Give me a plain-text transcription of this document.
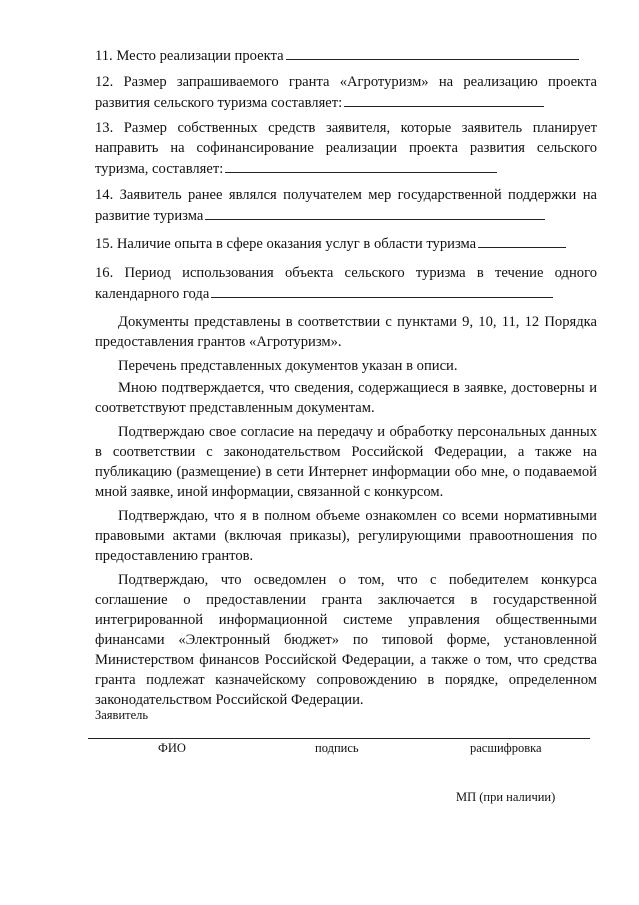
11. Место реализации проекта

12. Размер запрашиваемого гранта «Агротуризм» на реализацию проекта развития сельского туризма составляет:

13. Размер собственных средств заявителя, которые заявитель планирует направить на софинансирование реализации проекта развития сельского туризма, составляет:

14. Заявитель ранее являлся получателем мер государственной поддержки на развитие туризма

15. Наличие опыта в сфере оказания услуг в области туризма

16. Период использования объекта сельского туризма в течение одного календарного года

Документы представлены в соответствии с пунктами 9, 10, 11, 12 Порядка предоставления грантов «Агротуризм».

Перечень представленных документов указан в описи.

Мною подтверждается, что сведения, содержащиеся в заявке, достоверны и соответствуют представленным документам.

Подтверждаю свое согласие на передачу и обработку персональных данных в соответствии с законодательством Российской Федерации, а также на публикацию (размещение) в сети Интернет информации обо мне, о подаваемой мной заявке, иной информации, связанной с конкурсом.

Подтверждаю, что я в полном объеме ознакомлен со всеми нормативными правовыми актами (включая приказы), регулирующими правоотношения по предоставлению грантов.

Подтверждаю, что осведомлен о том, что с победителем конкурса соглашение о предоставлении гранта заключается в государственной интегрированной информационной системе управления общественными финансами «Электронный бюджет» по типовой форме, установленной Министерством финансов Российской Федерации, а также о том, что средства гранта подлежат казначейскому сопровождению в порядке, определенном законодательством Российской Федерации.

Заявитель
ФИО	подпись	расшифровка
МП (при наличии)
